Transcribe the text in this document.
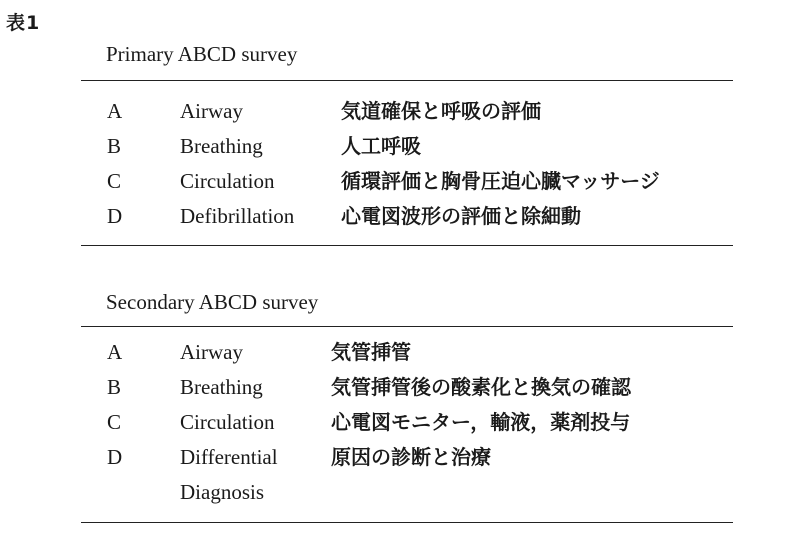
表1
Primary ABCD survey
A	Airway	気道確保と呼吸の評価
B	Breathing	人工呼吸
C	Circulation	循環評価と胸骨圧迫心臓マッサージ
D	Defibrillation 心電図波形の評価と除細動
Secondary ABCD survey
A	Airway	気管挿管
B	Breathing	気管挿管後の酸素化と換気の確認
C	Circulation	心電図モニター，輸液，薬剤投与
D	Differential	原因の診断と治療
Diagnosis
